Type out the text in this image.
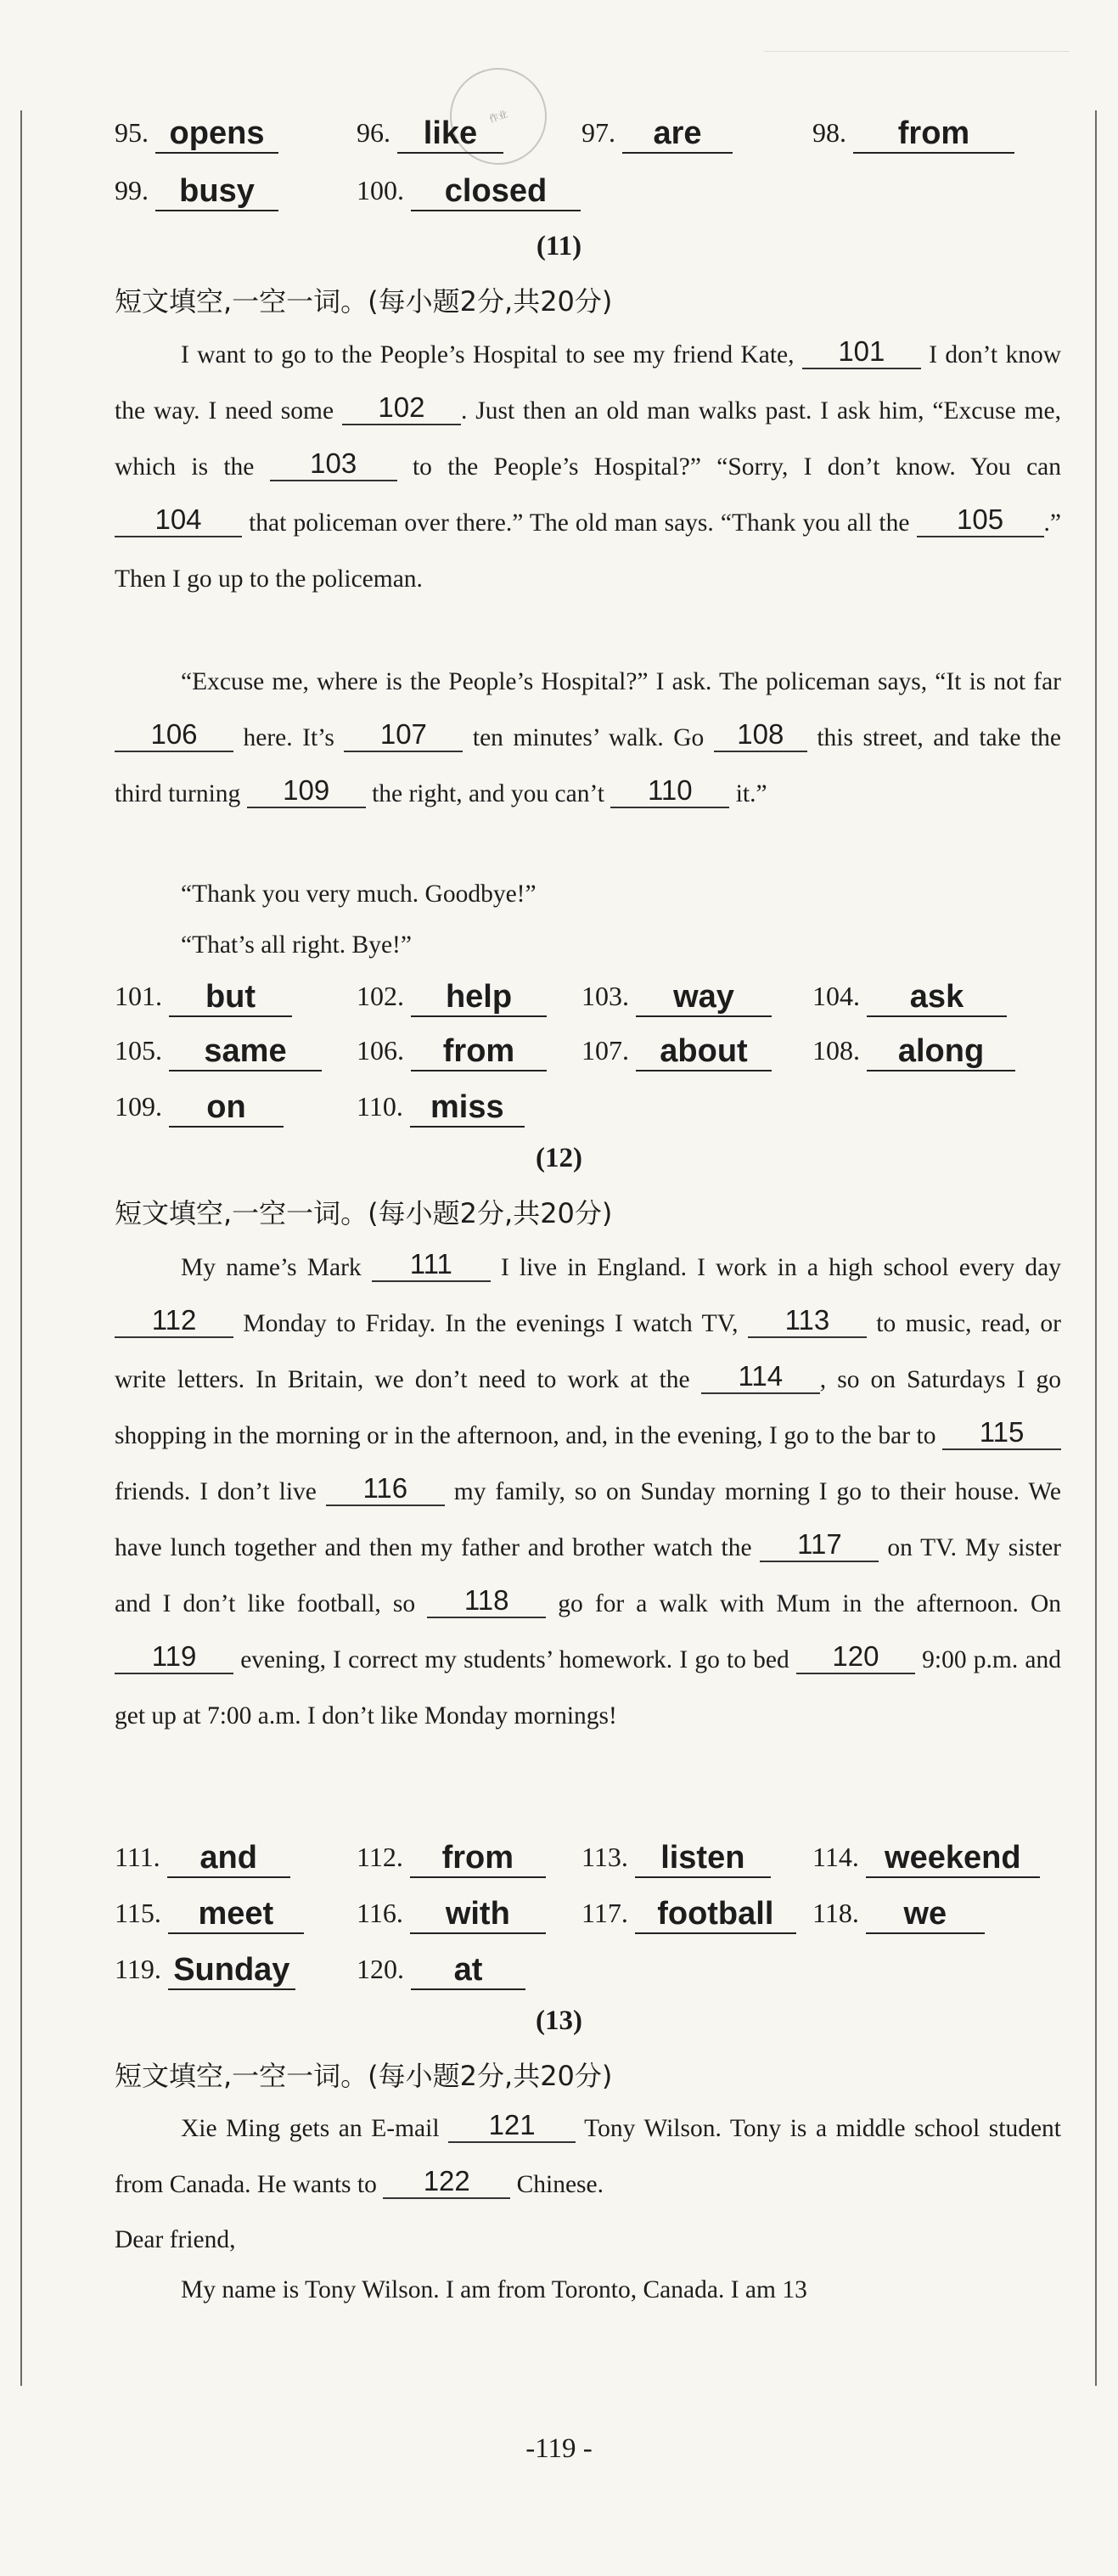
作业
95. opens	96. like	97. are	98. from
99. busy	100. closed
(11)
短文填空,一空一词。(每小题2分,共20分)
I want to go to the People’s Hospital to see my friend Kate, 101 I don’t know the way. I need some 102 . Just then an old man walks past. I ask him, “Excuse me, which is the 103 to the People’s Hospital?” “Sorry, I don’t know. You can 104 that policeman over there.” The old man says. “Thank you all the 105 .” Then I go up to the policeman.
“Excuse me, where is the People’s Hospital?” I ask. The policeman says, “It is not far 106 here. It’s 107 ten minutes’ walk. Go 108 this street, and take the third turning 109 the right, and you can’t 110 it.”
“Thank you very much. Goodbye!”
“That’s all right. Bye!”
101. but	102. help	103. way	104. ask
105. same	106. from	107. about	108. along
109. on	110. miss
(12)
短文填空,一空一词。(每小题2分,共20分)
My name’s Mark 111 I live in England. I work in a high school every day 112 Monday to Friday. In the evenings I watch TV, 113 to music, read, or write letters. In Britain, we don’t need to work at the 114 , so on Saturdays I go shopping in the morning or in the afternoon, and, in the evening, I go to the bar to 115 friends. I don’t live 116 my family, so on Sunday morning I go to their house. We have lunch together and then my father and brother watch the 117 on TV. My sister and I don’t like football, so 118 go for a walk with Mum in the afternoon. On 119 evening, I correct my students’ homework. I go to bed 120 9:00 p.m. and get up at 7:00 a.m. I don’t like Monday mornings!
111. and	112. from	113. listen	114. weekend
115. meet	116. with	117. football	118. we
119. Sunday 120. at
(13)
短文填空,一空一词。(每小题2分,共20分)
Xie Ming gets an E-mail 121 Tony Wilson. Tony is a middle school student from Canada. He wants to 122 Chinese.
Dear friend,
My name is Tony Wilson. I am from Toronto, Canada. I am 13
-119 -
